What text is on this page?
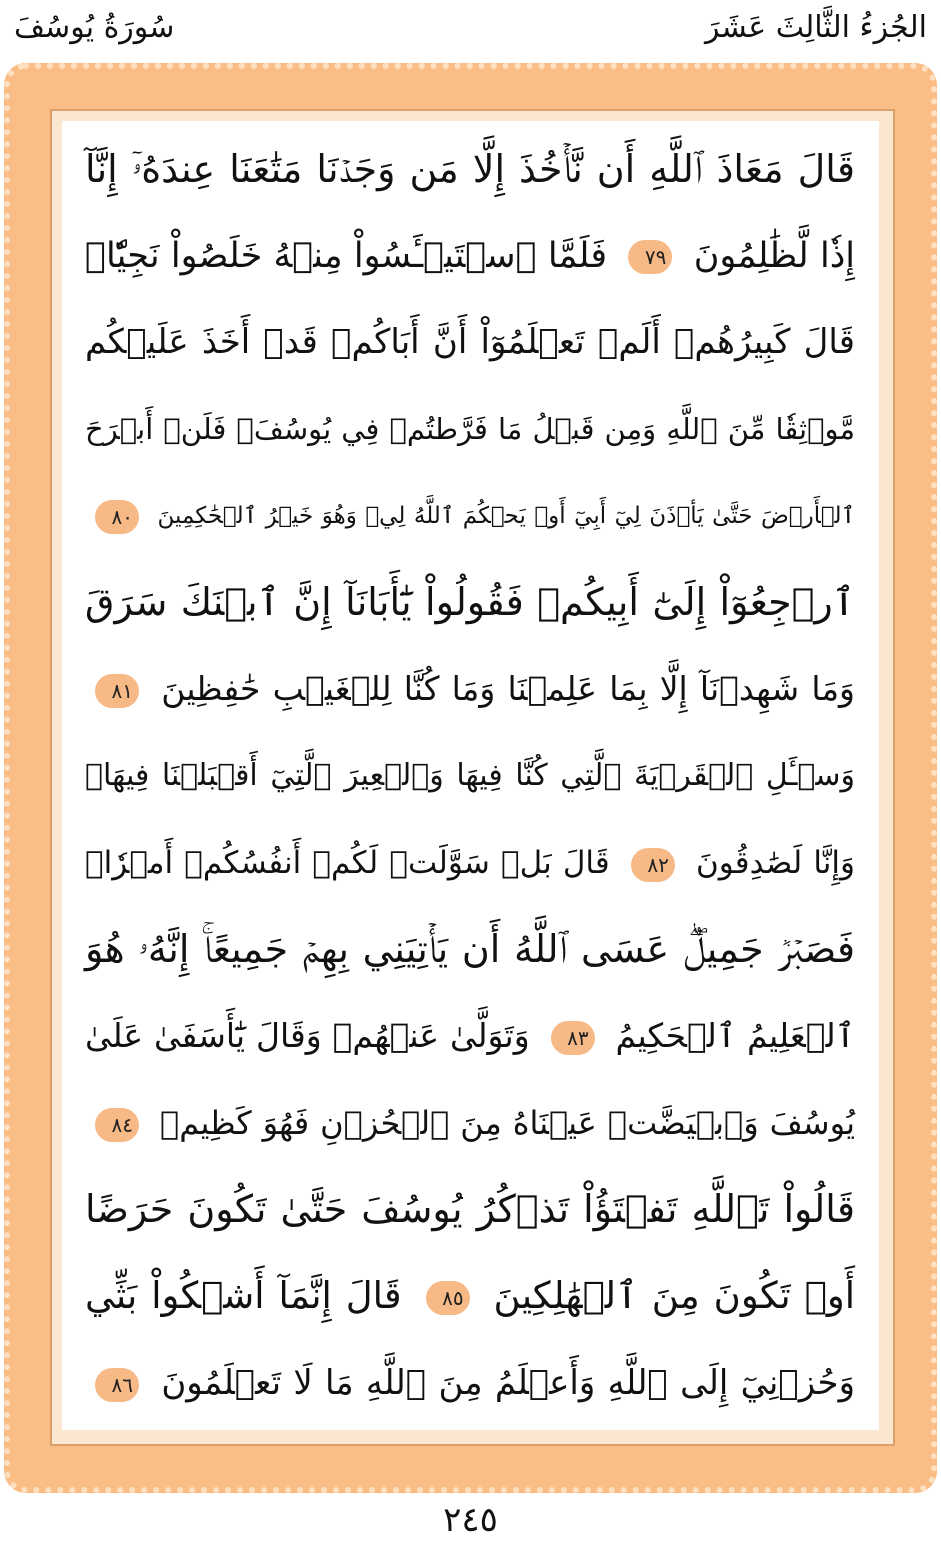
سُورَةُ يُوسُفَ	الجُزءُ الثَّالِثَ عَشَرَ
قَالَ مَعَاذَ ٱللَّهِ أَن نَّأۡخُذَ إِلَّا مَن وَجَدۡنَا مَتَٰعَنَا عِندَهُۥٓ إِنَّآ
إِذٗا لَّظَٰلِمُونَ ٧٩ فَلَمَّا ٱسۡتَيۡـَٔسُواْ مِنۡهُ خَلَصُواْ نَجِيّٗاۖ
قَالَ كَبِيرُهُمۡ أَلَمۡ تَعۡلَمُوٓاْ أَنَّ أَبَاكُمۡ قَدۡ أَخَذَ عَلَيۡكُم
مَّوۡثِقٗا مِّنَ ٱللَّهِ وَمِن قَبۡلُ مَا فَرَّطتُمۡ فِي يُوسُفَۖ فَلَنۡ أَبۡرَحَ
ٱلۡأَرۡضَ حَتَّىٰ يَأۡذَنَ لِيٓ أَبِيٓ أَوۡ يَحۡكُمَ ٱللَّهُ لِيۖ وَهُوَ خَيۡرُ ٱلۡحَٰكِمِينَ ٨٠
ٱرۡجِعُوٓاْ إِلَىٰٓ أَبِيكُمۡ فَقُولُواْ يَٰٓأَبَانَآ إِنَّ ٱبۡنَكَ سَرَقَ
وَمَا شَهِدۡنَآ إِلَّا بِمَا عَلِمۡنَا وَمَا كُنَّا لِلۡغَيۡبِ حَٰفِظِينَ ٨١
وَسۡـَٔلِ ٱلۡقَرۡيَةَ ٱلَّتِي كُنَّا فِيهَا وَٱلۡعِيرَ ٱلَّتِيٓ أَقۡبَلۡنَا فِيهَاۖ
وَإِنَّا لَصَٰدِقُونَ ٨٢ قَالَ بَلۡ سَوَّلَتۡ لَكُمۡ أَنفُسُكُمۡ أَمۡرٗاۖ
فَصَبۡرٞ جَمِيلٌۖ عَسَى ٱللَّهُ أَن يَأۡتِيَنِي بِهِمۡ جَمِيعًاۚ إِنَّهُۥ هُوَ
ٱلۡعَلِيمُ ٱلۡحَكِيمُ ٨٣ وَتَوَلَّىٰ عَنۡهُمۡ وَقَالَ يَٰٓأَسَفَىٰ عَلَىٰ
يُوسُفَ وَٱبۡيَضَّتۡ عَيۡنَاهُ مِنَ ٱلۡحُزۡنِ فَهُوَ كَظِيمٞ ٨٤
قَالُواْ تَٱللَّهِ تَفۡتَؤُاْ تَذۡكُرُ يُوسُفَ حَتَّىٰ تَكُونَ حَرَضًا
أَوۡ تَكُونَ مِنَ ٱلۡهَٰلِكِينَ ٨٥ قَالَ إِنَّمَآ أَشۡكُواْ بَثِّي
وَحُزۡنِيٓ إِلَى ٱللَّهِ وَأَعۡلَمُ مِنَ ٱللَّهِ مَا لَا تَعۡلَمُونَ ٨٦
٢٤٥
